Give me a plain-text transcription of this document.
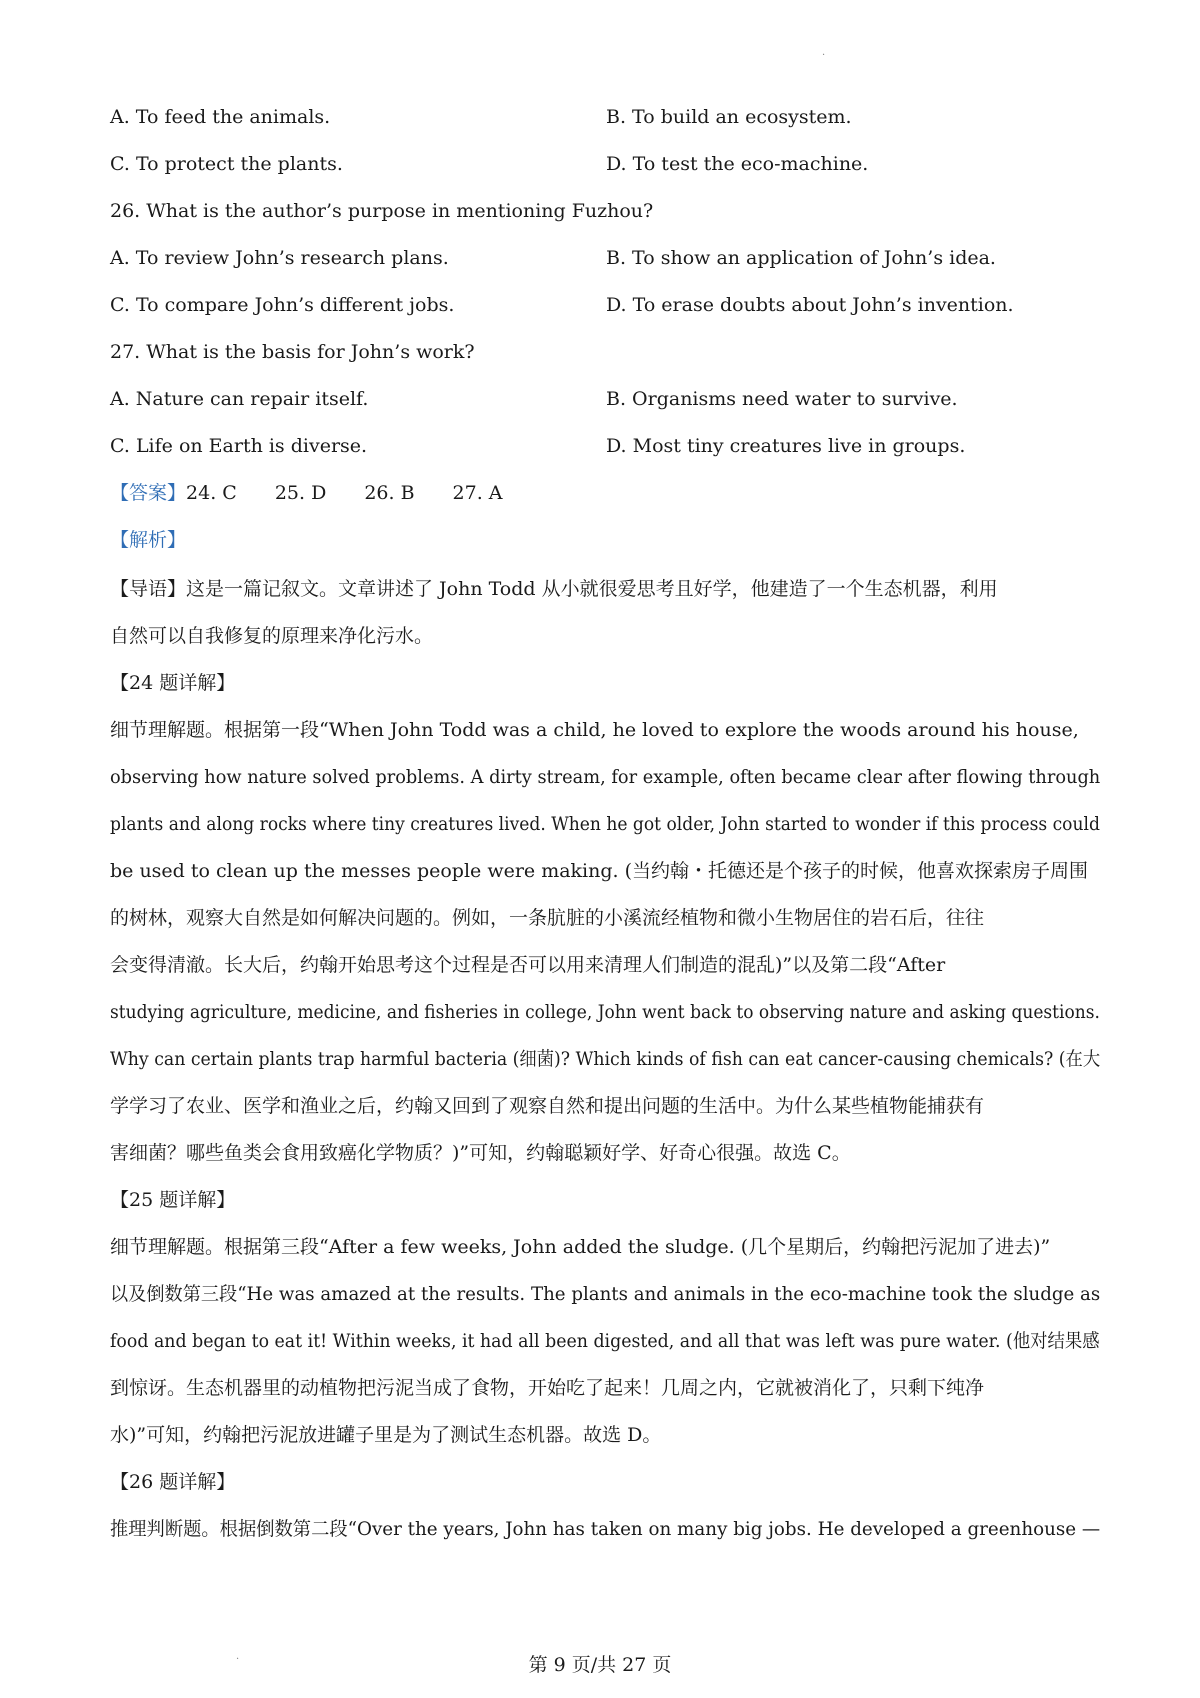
·
A. To feed the animals.	B. To build an ecosystem.
C. To protect the plants.	D. To test the eco-machine.
26. What is the author’s purpose in mentioning Fuzhou?
A. To review John’s research plans.	B. To show an application of John’s idea.
C. To compare John’s different jobs.	D. To erase doubts about John’s invention.
27. What is the basis for John’s work?
A. Nature can repair itself.	B. Organisms need water to survive.
C. Life on Earth is diverse.	D. Most tiny creatures live in groups.
【答案】24. C 25. D 26. B 27. A
【解析】
【导语】这是一篇记叙文。文章讲述了 John Todd 从小就很爱思考且好学，他建造了一个生态机器，利用
自然可以自我修复的原理来净化污水。
【24 题详解】
细节理解题。根据第一段“When John Todd was a child, he loved to explore the woods around his house,
observing how nature solved problems. A dirty stream, for example, often became clear after flowing through
plants and along rocks where tiny creatures lived. When he got older, John started to wonder if this process could
be used to clean up the messes people were making. (当约翰・托德还是个孩子的时候，他喜欢探索房子周围
的树林，观察大自然是如何解决问题的。例如，一条肮脏的小溪流经植物和微小生物居住的岩石后，往往
会变得清澈。长大后，约翰开始思考这个过程是否可以用来清理人们制造的混乱)”以及第二段“After
studying agriculture, medicine, and fisheries in college, John went back to observing nature and asking questions.
Why can certain plants trap harmful bacteria (细菌)? Which kinds of fish can eat cancer-causing chemicals? (在大
学学习了农业、医学和渔业之后，约翰又回到了观察自然和提出问题的生活中。为什么某些植物能捕获有
害细菌？哪些鱼类会食用致癌化学物质？)”可知，约翰聪颖好学、好奇心很强。故选 C。
【25 题详解】
细节理解题。根据第三段“After a few weeks, John added the sludge. (几个星期后，约翰把污泥加了进去)”
以及倒数第三段“He was amazed at the results. The plants and animals in the eco-machine took the sludge as
food and began to eat it! Within weeks, it had all been digested, and all that was left was pure water. (他对结果感
到惊讶。生态机器里的动植物把污泥当成了食物，开始吃了起来！几周之内，它就被消化了，只剩下纯净
水)”可知，约翰把污泥放进罐子里是为了测试生态机器。故选 D。
【26 题详解】
推理判断题。根据倒数第二段“Over the years, John has taken on many big jobs. He developed a greenhouse —
·	第 9 页/共 27 页
